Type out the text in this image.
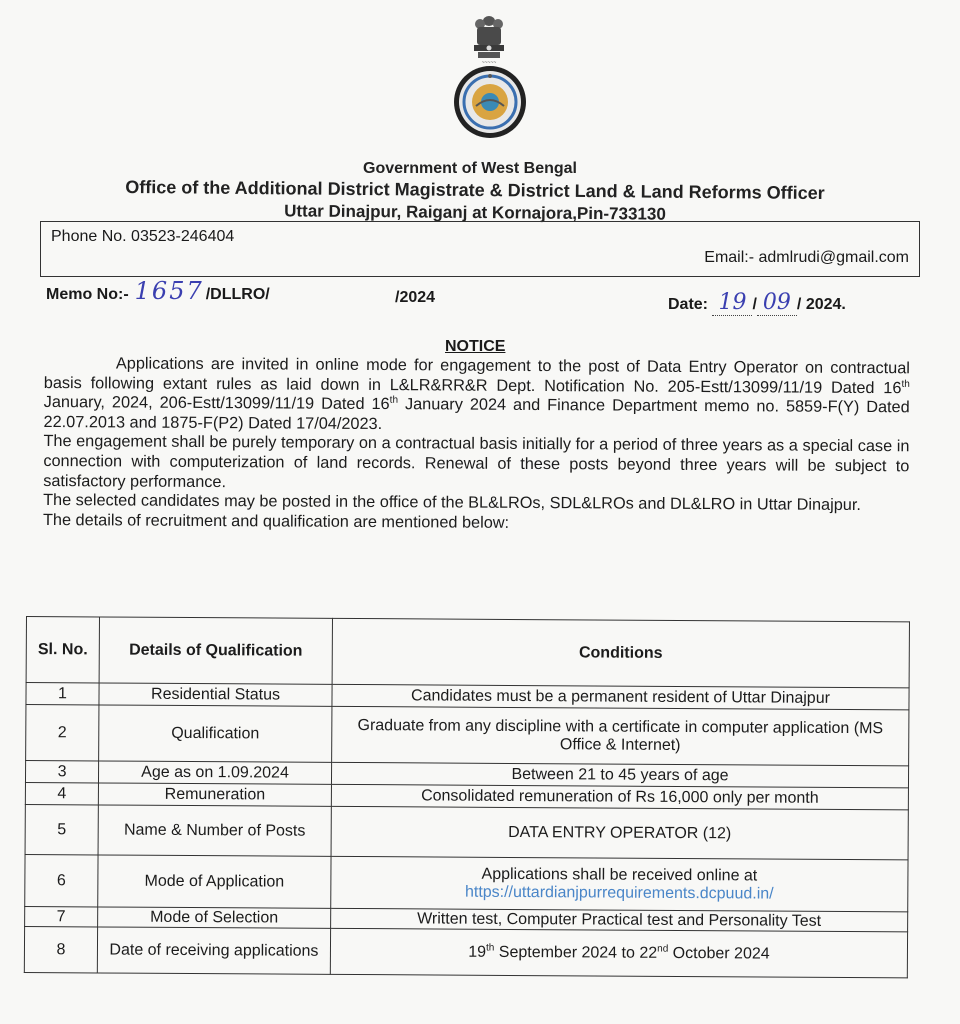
~~~~~
Government of West Bengal
Office of the Additional District Magistrate & District Land & Land Reforms Officer
Uttar Dinajpur, Raiganj at Kornajora,Pin-733130
Phone No. 03523-246404
Email:- admlrudi@gmail.com
Memo No:- 1657 /DLLRO/	/2024	Date: 19 / 09 / 2024.
NOTICE

Applications are invited in online mode for engagement to the post of Data Entry Operator on contractual basis following extant rules as laid down in L&LR&RR&R Dept. Notification No. 205-Estt/13099/11/19 Dated 16th January, 2024, 206-Estt/13099/11/19 Dated 16th January 2024 and Finance Department memo no. 5859-F(Y) Dated 22.07.2013 and 1875-F(P2) Dated 17/04/2023.

The engagement shall be purely temporary on a contractual basis initially for a period of three years as a special case in connection with computerization of land records. Renewal of these posts beyond three years will be subject to satisfactory performance.

The selected candidates may be posted in the office of the BL&LROs, SDL&LROs and DL&LRO in Uttar Dinajpur.

The details of recruitment and qualification are mentioned below:

Sl. No.	Details of Qualification	Conditions
1	Residential Status	Candidates must be a permanent resident of Uttar Dinajpur
2	Qualification	Graduate from any discipline with a certificate in computer application (MS Office & Internet)
3	Age as on 1.09.2024	Between 21 to 45 years of age
4	Remuneration	Consolidated remuneration of Rs 16,000 only per month
5	Name & Number of Posts	DATA ENTRY OPERATOR (12)
6	Mode of Application	Applications shall be received online at
https://uttardianjpurrequirements.dcpuud.in/

7	Mode of Selection	Written test, Computer Practical test and Personality Test
8	Date of receiving applications	19th September 2024 to 22nd October 2024
